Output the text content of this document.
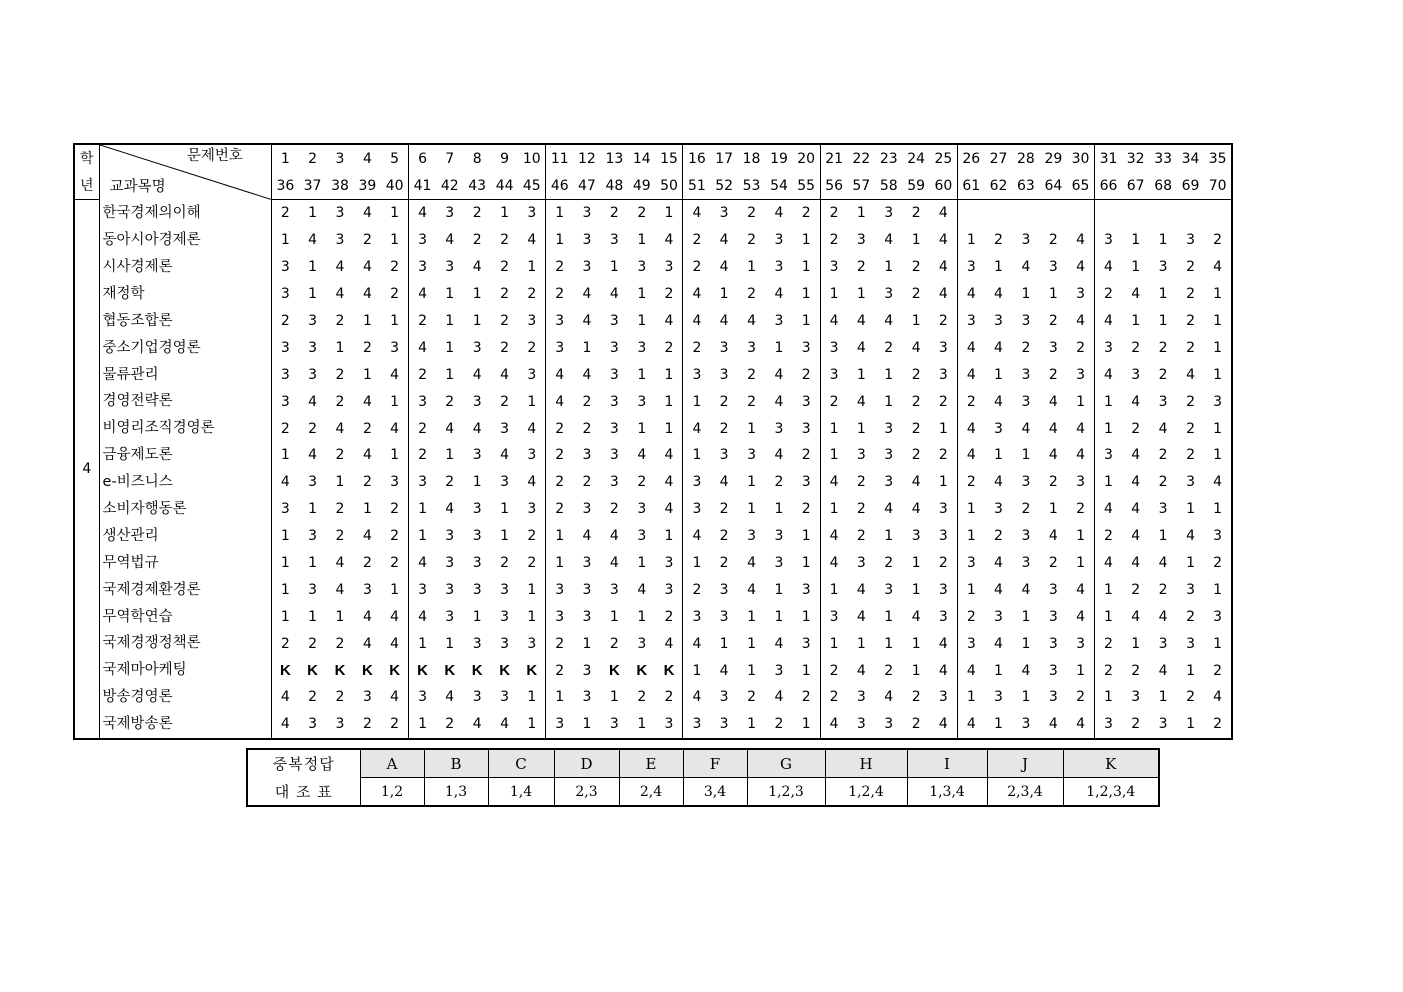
학	문제번호
교과목명	1	2	3	4	5	6	7	8	9	10	11	12	13	14	15	16	17	18	19	20	21	22	23	24	25	26	27	28	29	30	31	32	33	34	35
년		36	37	38	39	40	41	42	43	44	45	46	47	48	49	50	51	52	53	54	55	56	57	58	59	60	61	62	63	64	65	66	67	68	69	70
4	한국경제의이해	2	1	3	4	1	4	3	2	1	3	1	3	2	2	1	4	3	2	4	2	2	1	3	2	4										
	동아시아경제론	1	4	3	2	1	3	4	2	2	4	1	3	3	1	4	2	4	2	3	1	2	3	4	1	4	1	2	3	2	4	3	1	1	3	2
	시사경제론	3	1	4	4	2	3	3	4	2	1	2	3	1	3	3	2	4	1	3	1	3	2	1	2	4	3	1	4	3	4	4	1	3	2	4
	재정학	3	1	4	4	2	4	1	1	2	2	2	4	4	1	2	4	1	2	4	1	1	1	3	2	4	4	4	1	1	3	2	4	1	2	1
	협동조합론	2	3	2	1	1	2	1	1	2	3	3	4	3	1	4	4	4	4	3	1	4	4	4	1	2	3	3	3	2	4	4	1	1	2	1
	중소기업경영론	3	3	1	2	3	4	1	3	2	2	3	1	3	3	2	2	3	3	1	3	3	4	2	4	3	4	4	2	3	2	3	2	2	2	1
	물류관리	3	3	2	1	4	2	1	4	4	3	4	4	3	1	1	3	3	2	4	2	3	1	1	2	3	4	1	3	2	3	4	3	2	4	1
	경영전략론	3	4	2	4	1	3	2	3	2	1	4	2	3	3	1	1	2	2	4	3	2	4	1	2	2	2	4	3	4	1	1	4	3	2	3
	비영리조직경영론	2	2	4	2	4	2	4	4	3	4	2	2	3	1	1	4	2	1	3	3	1	1	3	2	1	4	3	4	4	4	1	2	4	2	1
	금융제도론	1	4	2	4	1	2	1	3	4	3	2	3	3	4	4	1	3	3	4	2	1	3	3	2	2	4	1	1	4	4	3	4	2	2	1
	e-비즈니스	4	3	1	2	3	3	2	1	3	4	2	2	3	2	4	3	4	1	2	3	4	2	3	4	1	2	4	3	2	3	1	4	2	3	4
	소비자행동론	3	1	2	1	2	1	4	3	1	3	2	3	2	3	4	3	2	1	1	2	1	2	4	4	3	1	3	2	1	2	4	4	3	1	1
	생산관리	1	3	2	4	2	1	3	3	1	2	1	4	4	3	1	4	2	3	3	1	4	2	1	3	3	1	2	3	4	1	2	4	1	4	3
	무역법규	1	1	4	2	2	4	3	3	2	2	1	3	4	1	3	1	2	4	3	1	4	3	2	1	2	3	4	3	2	1	4	4	4	1	2
	국제경제환경론	1	3	4	3	1	3	3	3	3	1	3	3	3	4	3	2	3	4	1	3	1	4	3	1	3	1	4	4	3	4	1	2	2	3	1
	무역학연습	1	1	1	4	4	4	3	1	3	1	3	3	1	1	2	3	3	1	1	1	3	4	1	4	3	2	3	1	3	4	1	4	4	2	3
	국제경쟁정책론	2	2	2	4	4	1	1	3	3	3	2	1	2	3	4	4	1	1	4	3	1	1	1	1	4	3	4	1	3	3	2	1	3	3	1
	국제마아케팅	K	K	K	K	K	K	K	K	K	K	2	3	K	K	K	1	4	1	3	1	2	4	2	1	4	4	1	4	3	1	2	2	4	1	2
	방송경영론	4	2	2	3	4	3	4	3	3	1	1	3	1	2	2	4	3	2	4	2	2	3	4	2	3	1	3	1	3	2	1	3	1	2	4
	국제방송론	4	3	3	2	2	1	2	4	4	1	3	1	3	1	3	3	3	1	2	1	4	3	3	2	4	4	1	3	4	4	3	2	3	1	2
중복정답	A	B	C	D	E	F	G	H	I	J	K
대 조 표	1,2	1,3	1,4	2,3	2,4	3,4	1,2,3	1,2,4	1,3,4	2,3,4	1,2,3,4
